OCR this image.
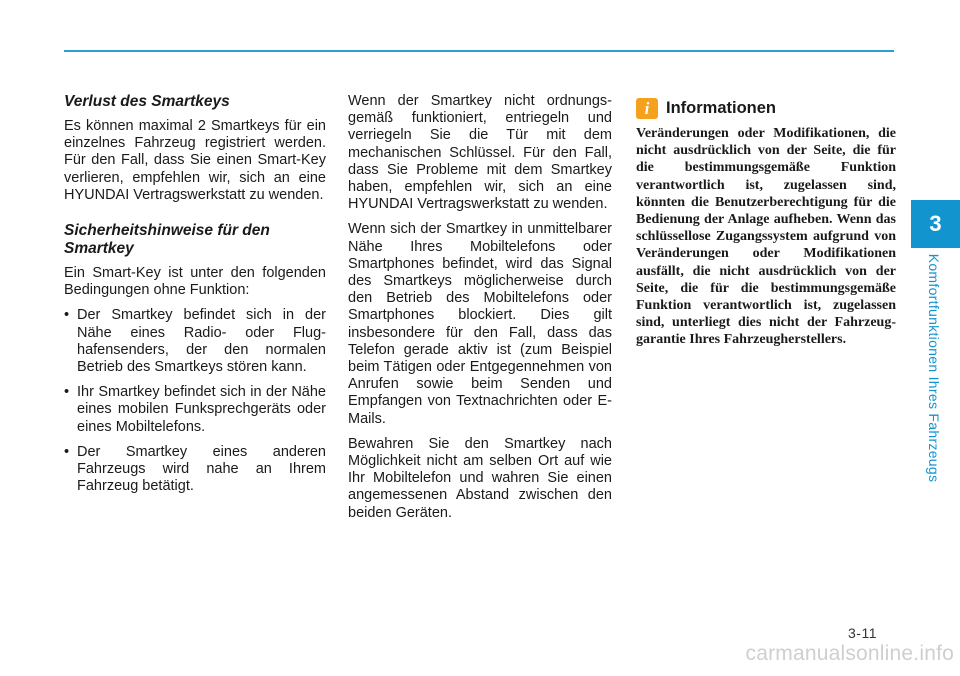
3
Komfortfunktionen Ihres Fahrzeugs
Verlust des Smartkeys

Es können maximal 2 Smartkeys für ein einzelnes Fahrzeug registriert werden. Für den Fall, dass Sie einen Smart-Key verlieren, empfehlen wir, sich an eine HYUNDAI Vertragswerkstatt zu wenden.

Sicherheitshinweise für den Smartkey

Ein Smart-Key ist unter den folgenden Bedingungen ohne Funktion:

• Der Smartkey befindet sich in der Nähe eines Radio- oder Flughafensenders, der den normalen Betrieb des Smartkeys stören kann.
• Ihr Smartkey befindet sich in der Nähe eines mobilen Funksprechgeräts oder eines Mobiltelefons.
• Der Smartkey eines anderen Fahrzeugs wird nahe an Ihrem Fahrzeug betätigt.

Wenn der Smartkey nicht ordnungsgemäß funktioniert, entriegeln und verriegeln Sie die Tür mit dem mechanischen Schlüssel. Für den Fall, dass Sie Probleme mit dem Smartkey haben, empfehlen wir, sich an eine HYUNDAI Vertragswerkstatt zu wenden.

Wenn sich der Smartkey in unmittelbarer Nähe Ihres Mobiltelefons oder Smartphones befindet, wird das Signal des Smartkeys möglicherweise durch den Betrieb des Mobiltelefons oder Smartphones blockiert. Dies gilt insbesondere für den Fall, dass das Telefon gerade aktiv ist (zum Beispiel beim Tätigen oder Entgegennehmen von Anrufen sowie beim Senden und Empfangen von Textnachrichten oder E-Mails.

Bewahren Sie den Smartkey nach Möglichkeit nicht am selben Ort auf wie Ihr Mobiltelefon und wahren Sie einen angemessenen Abstand zwischen den beiden Geräten.

i	Informationen

Veränderungen oder Modifikationen, die nicht ausdrücklich von der Seite, die für die bestimmungsgemäße Funktion verantwortlich ist, zugelassen sind, könnten die Benutzerberechtigung für die Bedienung der Anlage aufheben. Wenn das schlüssellose Zugangssystem aufgrund von Veränderungen oder Modifikationen ausfällt, die nicht ausdrücklich von der Seite, die für die bestimmungsgemäße Funktion verantwortlich ist, zugelassen sind, unterliegt dies nicht der Fahrzeuggarantie Ihres Fahrzeugherstellers.

3-11
carmanualsonline.info
